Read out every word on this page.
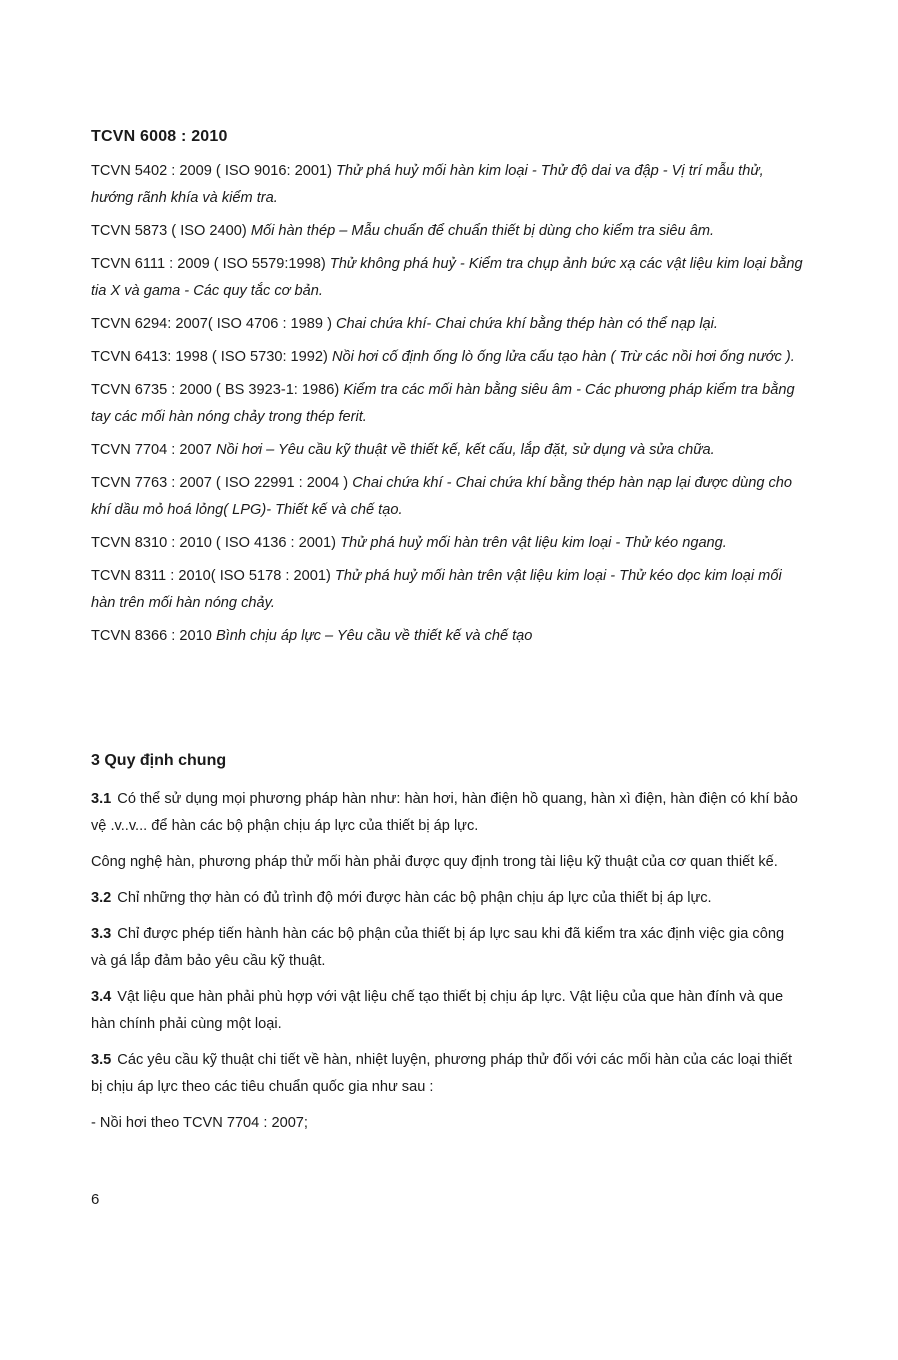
TCVN 6008 : 2010

TCVN 5402 : 2009 ( ISO 9016: 2001) Thử phá huỷ mối hàn kim loại - Thử độ dai va đập - Vị trí mẫu thử, hướng rãnh khía và kiểm tra.

TCVN 5873 ( ISO 2400) Mối hàn thép – Mẫu chuẩn để chuẩn thiết bị dùng cho kiểm tra siêu âm.

TCVN 6111 : 2009 ( ISO 5579:1998) Thử không phá huỷ - Kiểm tra chụp ảnh bức xạ các vật liệu kim loại bằng tia X và gama - Các quy tắc cơ bản.

TCVN 6294: 2007( ISO 4706 : 1989 ) Chai chứa khí- Chai chứa khí bằng thép hàn có thể nạp lại.

TCVN 6413: 1998 ( ISO 5730: 1992) Nồi hơi cố định ống lò ống lửa cấu tạo hàn ( Trừ các nồi hơi ống nước ).

TCVN 6735 : 2000 ( BS 3923-1: 1986) Kiểm tra các mối hàn bằng siêu âm - Các phương pháp kiểm tra bằng tay các mối hàn nóng chảy trong thép ferit.

TCVN 7704 : 2007 Nồi hơi – Yêu cầu kỹ thuật về thiết kế, kết cấu, lắp đặt, sử dụng và sửa chữa.

TCVN 7763 : 2007 ( ISO 22991 : 2004 ) Chai chứa khí - Chai chứa khí bằng thép hàn nạp lại được dùng cho khí dầu mỏ hoá lỏng( LPG)- Thiết kế và chế tạo.

TCVN 8310 : 2010 ( ISO 4136 : 2001) Thử phá huỷ mối hàn trên vật liệu kim loại - Thử kéo ngang.

TCVN 8311 : 2010( ISO 5178 : 2001) Thử phá huỷ mối hàn trên vật liệu kim loại - Thử kéo dọc kim loại mối hàn trên mối hàn nóng chảy.

TCVN 8366 : 2010 Bình chịu áp lực – Yêu cầu về thiết kế và chế tạo

3 Quy định chung

3.1 Có thể sử dụng mọi phương pháp hàn như: hàn hơi, hàn điện hồ quang, hàn xì điện, hàn điện có khí bảo vệ .v..v... để hàn các bộ phận chịu áp lực của thiết bị áp lực.

Công nghệ hàn, phương pháp thử mối hàn phải được quy định trong tài liệu kỹ thuật của cơ quan thiết kế.

3.2 Chỉ những thợ hàn có đủ trình độ mới được hàn các bộ phận chịu áp lực của thiết bị áp lực.

3.3 Chỉ được phép tiến hành hàn các bộ phận của thiết bị áp lực sau khi đã kiểm tra xác định việc gia công và gá lắp đảm bảo yêu cầu kỹ thuật.

3.4 Vật liệu que hàn phải phù hợp với vật liệu chế tạo thiết bị chịu áp lực. Vật liệu của que hàn đính và que hàn chính phải cùng một loại.

3.5 Các yêu cầu kỹ thuật chi tiết về hàn, nhiệt luyện, phương pháp thử đối với các mối hàn của các loại thiết bị chịu áp lực theo các tiêu chuẩn quốc gia như sau :

- Nồi hơi theo TCVN 7704 : 2007;

6
